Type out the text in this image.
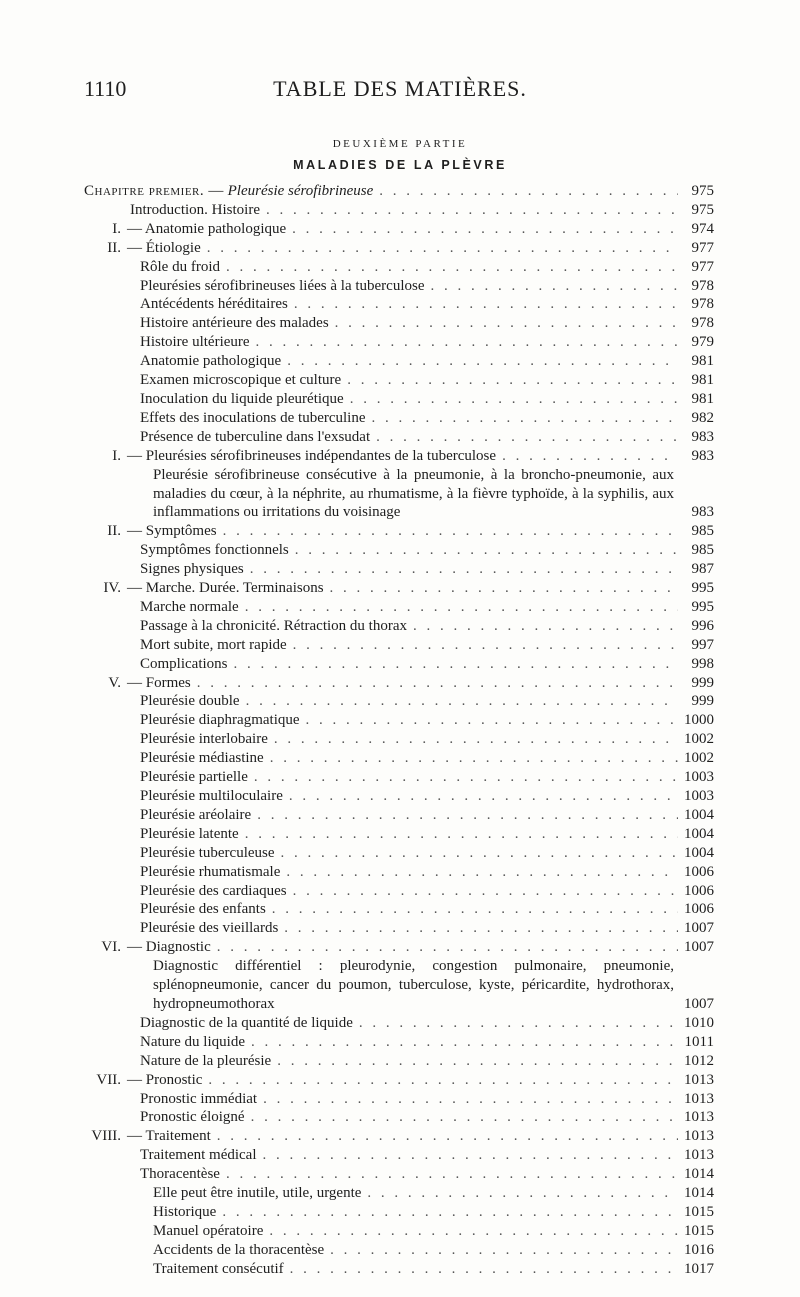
1110	TABLE DES MATIÈRES.
DEUXIÈME PARTIE
MALADIES DE LA PLÈVRE
Chapitre premier. — Pleurésie sérofibrineuse . . .	975
Introduction. Histoire . . .	975
I. — Anatomie pathologique . . .	974
II. — Étiologie . . .	977
Rôle du froid . . .	977
Pleurésies sérofibrineuses liées à la tuberculose . . .	978
Antécédents héréditaires . . .	978
Histoire antérieure des malades . . .	978
Histoire ultérieure . . .	979
Anatomie pathologique . . .	981
Examen microscopique et culture . . .	981
Inoculation du liquide pleurétique . . .	981
Effets des inoculations de tuberculine . . .	982
Présence de tuberculine dans l'exsudat . . .	983
I. — Pleurésies sérofibrineuses indépendantes de la tuberculose . . .	983
Pleurésie sérofibrineuse consécutive à la pneumonie, à la broncho-pneumonie, aux maladies du cœur, à la néphrite, au rhumatisme, à la fièvre typhoïde, à la syphilis, aux inflammations ou irritations du voisinage	983
II. — Symptômes . . .	985
Symptômes fonctionnels . . .	985
Signes physiques . . .	987
IV. — Marche. Durée. Terminaisons . . .	995
Marche normale . . .	995
Passage à la chronicité. Rétraction du thorax . . .	996
Mort subite, mort rapide . . .	997
Complications . . .	998
V. — Formes . . .	999
Pleurésie double . . .	999
Pleurésie diaphragmatique . . .	1000
Pleurésie interlobaire . . .	1002
Pleurésie médiastine . . .	1002
Pleurésie partielle . . .	1003
Pleurésie multiloculaire . . .	1003
Pleurésie aréolaire . . .	1004
Pleurésie latente . . .	1004
Pleurésie tuberculeuse . . .	1004
Pleurésie rhumatismale . . .	1006
Pleurésie des cardiaques . . .	1006
Pleurésie des enfants . . .	1006
Pleurésie des vieillards . . .	1007
VI. — Diagnostic . . .	1007
Diagnostic différentiel : pleurodynie, congestion pulmonaire, pneumonie, splénopneumonie, cancer du poumon, tuberculose, kyste, péricardite, hydrothorax, hydropneumothorax	1007
Diagnostic de la quantité de liquide . . .	1010
Nature du liquide . . .	1011
Nature de la pleurésie . . .	1012
VII. — Pronostic . . .	1013
Pronostic immédiat . . .	1013
Pronostic éloigné . . .	1013
VIII. — Traitement . . .	1013
Traitement médical . . .	1013
Thoracentèse . . .	1014
Elle peut être inutile, utile, urgente . . .	1014
Historique . . .	1015
Manuel opératoire . . .	1015
Accidents de la thoracentèse . . .	1016
Traitement consécutif . . .	1017
